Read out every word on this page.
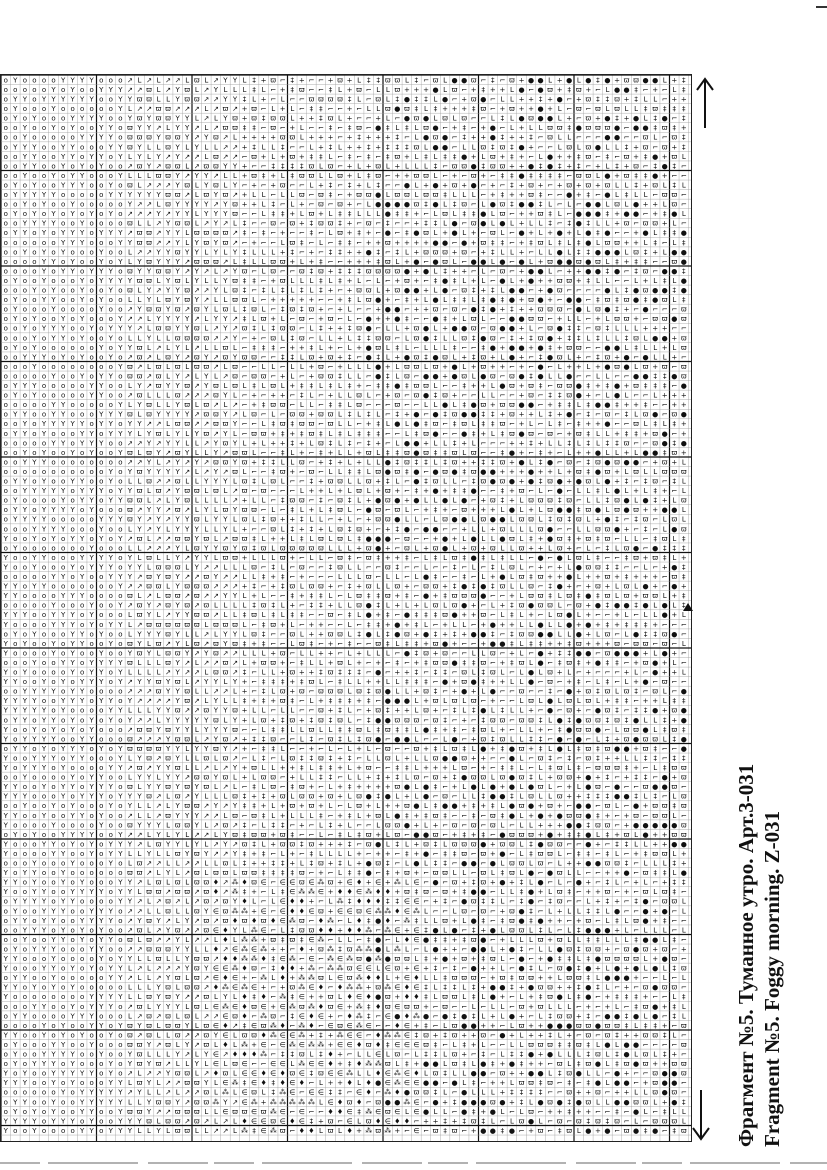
o Y o o o o Y Y Y Y o o o ↗ L ↗ L ↗ ↗ L ϖ L ↗ Y Y L ‡ + ϖ ⌐ ‡ + ⌐ ⌐ + ϖ + L ‡ ‡ ϖ ϖ L ‡ ⌐ ϖ L ● ● ϖ ⌐ ‡ ⌐ ϖ + ● ● L + ● L ● ‡ ● + ϖ ϖ ● ● L + ‡
o o o o o Y o Y o o Y Y Y ↗ ↗ ϖ L ↗ Y ϖ L ↗ Y L L L ‡ L ⌐ + ‡ ϖ ⌐ ⌐ ‡ L + ϖ ⌐ L L ϖ + + + ● L ϖ ⌐ + ‡ + + L ● ⌐ ● ϖ + ‡ ϖ + ⌐ L ● ● ‡ ⌐ + ⌐ L ‡
o Y Y o Y Y Y Y Y Y o o Y Y ϖ ϖ L L Y ϖ ϖ ↗ ↗ Y Y ‡ L + ⌐ L ⌐ ⌐ ϖ ϖ ϖ ϖ ‡ L ⌐ ϖ L ‡ ● ‡ ‡ L ● ⌐ + ϖ ● ⌐ L L + + ‡ + ● ⌐ + ϖ ‡ ‡ ϖ + ‡ L L ⌐ + +
o Y o o o Y o o o o o o Y L ↗ ↗ ϖ ϖ ↗ ↗ ↗ L ↗ ϖ ↗ + ϖ ⌐ L + L ⌐ ‡ ‡ ⌐ ⌐ + ⌐ L L ϖ ● ϖ ‡ L ‡ + + + ‡ ϖ ⌐ + ϖ + + ● + L ⌐ ϖ ⌐ ϖ L ϖ L L ‡ ϖ ‡ ‡ ‡
o Y o Y o o o Y Y Y Y o o Y ϖ Y ϖ ϖ Y Y L ↗ L Y ϖ + ϖ ‡ ϖ ϖ L + + ‡ ϖ L + ⌐ ⌐ + L ⌐ ● ϖ ● L ϖ L ϖ ⌐ ⌐ L ‡ L ● ϖ ● ● L + ⌐ ϖ + ● ‡ + ● L ‡ ● ⌐ ‡
o o Y o o Y o Y o o Y Y o ϖ Y Y ↗ L Y Y ↗ L ↗ ϖ ϖ ‡ ‡ ⌐ ϖ ⌐ + L ⌐ ⌐ ‡ ⌐ ‡ ϖ ⌐ ● ‡ L ‡ L ϖ ● ⌐ + ‡ ⌐ + ● ⌐ L + L L ϖ ϖ ‡ ● ϖ ϖ ϖ ● ⌐ ● ● ‡ ϖ ‡ +
o o Y o o o o o Y Y Y Y o ϖ ϖ ϖ Y ϖ ϖ Y ↗ Y ϖ ↗ L + + + + ϖ ϖ L + + + ⌐ + ‡ + + + ‡ ⌐ L ● ϖ ● ⌐ ‡ + + ● ‡ + + ‡ ⌐ ϖ L L ⌐ ⌐ ⌐ ● ● ⌐ ⌐ ϖ L ⌐ ϖ ‡
o Y Y Y o o Y Y o o o Y Y ϖ Y L L ϖ Y L Y L L ↗ ↗ + ‡ L L ‡ ⌐ ⌐ L + ‡ L + + ‡ + ‡ ‡ ‡ ϖ L ● ● ⌐ L L ϖ ‡ ϖ ‡ ● + ⌐ ⌐ L ϖ L ϖ ● L L ‡ + ϖ ⌐ ϖ + ‡
o o Y Y o o Y Y o Y Y o Y L Y L Y ↗ Y ↗ ↗ L ϖ ↗ ↗ ⌐ ϖ + L + ϖ + ‡ ‡ L ⌐ ‡ ⌐ ‡ ⌐ ‡ ϖ + L ‡ L ‡ ‡ ● + L ϖ + ‡ + ⌐ L ● + + ‡ ϖ ⌐ ‡ ⌐ ϖ + ‡ ● + ϖ L
o o Y Y o o Y o Y o Y o o ↗ ϖ Y ↗ ϖ ϖ L ↗ ϖ ϖ Y Y + ⌐ ⌐ ‡ ‡ ‡ ‡ ϖ L ϖ ⌐ + L + ϖ L + L L L ‡ ⌐ ϖ ϖ ● ‡ ϖ ϖ + + ● ‡ ● ‡ + ‡ ⌐ + L ‡ + ϖ ⌐ ‡ ● ‡ ⌐
o o Y o o Y o Y Y o o o Y L L L ϖ ϖ Y ↗ Y Y ↗ L L + ϖ ‡ + L ‡ ϖ ϖ L L ϖ + L ‡ ϖ ⌐ + + ϖ ϖ L ⌐ + ⌐ ϖ + ⌐ ‡ ‡ ● ‡ ‡ ‡ ‡ ⌐ ϖ ϖ L ● + ϖ ‡ ‡ ● + ⌐ ⌐
o Y o Y o o Y Y Y o o Y o ϖ L ↗ ↗ ↗ Y ϖ L Y ϖ L Y ⌐ + ⌐ + ϖ ⌐ ⌐ L + ‡ ⌐ ‡ + L ‡ ⌐ ⌐ ● L + ● + ϖ + ● ⌐ + ⌐ ‡ + ϖ + ⌐ + ϖ + ϖ + ϖ L L ‡ + ϖ L ‡ L
o Y Y Y Y Y o o o o o Y Y Y Y Y Y ϖ ϖ ↗ L ϖ Y ϖ ↗ + L L ⌐ L L ϖ ⌐ ϖ ‡ ⌐ + ϖ ϖ ● L ϖ ϖ L ϖ ϖ ‡ L L L ⌐ + ‡ + + ϖ ‡ ⌐ ⌐ ● + ‡ ⌐ ● L ‡ L L ⌐ ϖ ϖ ⌐
o o Y o Y o o Y o o o o o Y ↗ ↗ L ϖ Y Y Y Y ↗ Y ϖ + + L ‡ ⌐ L + ⌐ ϖ ⌐ ϖ + ⌐ L ● ● ● ● ϖ ‡ ● L ‡ ϖ ⌐ L ● ϖ ‡ ● ● ‡ L ⌐ L ⌐ ● ● L ϖ L ● + + L ϖ ⌐
o Y o Y o Y o Y o Y o Y o ↗ ↗ ↗ Y ↗ Y Y L Y Y Y ϖ ⌐ ⌐ L ‡ ‡ + L ϖ + L ‡ ‡ L L L ● ‡ ‡ + ⌐ L ϖ L ‡ ‡ ● L ϖ ⌐ + + ϖ ‡ L ⌐ ● ● ● ‡ + ● ● ⌐ + ‡ ● L
o o Y Y Y Y o o Y o o o o ϖ L L ↗ Y ϖ ϖ L ↗ Y ↗ L ‡ ⌐ ⌐ ϖ ⌐ ϖ + ‡ ϖ ϖ ‡ + ⌐ ϖ ⌐ ‡ ⌐ ⌐ + ‡ ‡ L ● ⌐ ϖ ● L ● L + L L ‡ ⌐ ‡ ● ‡ L L + ϖ ⌐ ϖ ϖ + L ⌐
o Y Y o Y o Y Y Y o Y Y Y ↗ ϖ ϖ ↗ Y Y L ϖ ϖ ϖ ϖ ↗ ‡ ⌐ ‡ ⌐ + ⌐ ⌐ ‡ ⌐ L ϖ + ‡ + ⌐ ● ⌐ ‡ ● ϖ L + ● L + ⌐ ϖ L ⌐ ● + L + ● + L ● ‡ ● ⌐ ⌐ + ● L ‡ ‡ ●
o o o o o o Y Y Y o o o Y Y ϖ ϖ ↗ ↗ Y L Y ϖ Y ϖ ↗ ⌐ + ⌐ ⌐ L ϖ ‡ ⌐ L ⌐ ‡ ‡ ⌐ + + ϖ + + + + ● ● ⌐ ● + ϖ ‡ ‡ ⌐ + ‡ ϖ L ‡ L ‡ ● L ϖ ϖ + + L ‡ ⌐ L ‡
o o Y o Y o Y o o o Y o o L ↗ ↗ Y Y ϖ Y Y L Y L Y ‡ L L L + ‡ ⌐ + ⌐ ‡ ‡ + + ● ‡ ⌐ ‡ L + ϖ ϖ ϖ + ϖ ⌐ + ‡ L L + ⌐ L L ● L ‡ ‡ ● ● ● L ϖ ‡ + L ● ●
o o o o Y Y o Y o o Y o Y L Y ϖ Y Y Y ↗ ϖ ϖ ϖ ↗ L ‡ L L ϖ ϖ + L + ‡ ⌐ ⌐ + + + ‡ ϖ L + ● ⌐ ● ϖ L ⌐ ● ● L ● ⌐ ● L + ϖ ● ● ϖ ● ϖ L ‡ + ‡ ‡ ⌐ ⌐ ϖ ●
o o o o Y o Y Y o Y Y Y o ϖ Y Y ϖ ϖ Y ↗ Y ↗ L ↗ Y ϖ ⌐ L ϖ ⌐ ⌐ ϖ ‡ ϖ + ‡ ‡ ‡ ϖ ϖ ϖ ϖ ● + ● L ‡ + + ⌐ L ⌐ ϖ ⌐ + ● ● L ⌐ + + ● ● ‡ ● ⌐ ‡ ϖ ⌐ ● ● ‡
o Y o o Y o o o Y o Y Y Y Y ϖ ϖ L Y ϖ L Y L L Y ϖ ‡ ‡ ⌐ + ϖ L L L ‡ L ‡ + L ⌐ L ⌐ + ϖ + ⌐ ‡ ● ‡ L + L ⌐ ● L + ● + + ϖ ϖ + ‡ L L ⌐ ⌐ L + L ‡ L ●
o o o Y o Y o o Y o o Y o ϖ L Y ↗ Y Y ϖ ↗ ↗ Y L ϖ ‡ ⌐ ‡ L ‡ L ‡ L ‡ + ⌐ + ϖ ϖ L + ϖ ● ● + L ● ⌐ ϖ ‡ + ‡ L ● ● ⌐ + ● ϖ ⌐ ⌐ ⌐ ⌐ ● L ‡ ● ϖ ● ● ‡ ●
o Y o o Y Y o o Y o Y o o L L Y L ϖ Y ϖ Y ↗ L L ϖ ϖ L ⌐ + + + + + ⌐ ⌐ + ‡ L ϖ ● + ⌐ ‡ + L ● L ‡ ‡ L ‡ ● ‡ ● + ϖ ● + ⌐ ● ● ⌐ ‡ ϖ ‡ ϖ ● ‡ ● ϖ L ‡
o Y o o o Y o o o o Y o o ↗ Y ϖ ϖ Y ϖ ↗ ϖ Y L ϖ L ‡ ϖ L ⌐ ‡ ϖ ‡ ϖ + ⌐ + L ⌐ ⌐ + ● ● ⌐ + + ϖ ⌐ ϖ ⌐ ● ‡ ● + ‡ + + ϖ ϖ ϖ ⌐ ● L ϖ ● ‡ + ⌐ ● ⌐ ⌐ ⌐ ϖ
o Y o Y o o Y o Y o o o Y ↗ ↗ L Y Y Y Y ↗ L Y Y ↗ ‡ L ϖ + L ⌐ ϖ ⌐ + ϖ ⌐ L ⌐ ● + + ● ‡ ⌐ ⌐ ● ‡ + L ϖ L ⌐ ⌐ ● ● ϖ ϖ ⌐ + L L ⌐ + L ϖ ϖ + ⌐ ϖ ϖ ● ϖ
o o Y o Y Y Y o o Y o Y Y Y ↗ L ϖ ϖ Y Y ϖ L ↗ Y ↗ ϖ ‡ L ‡ ϖ ϖ ⌐ L ‡ + + ‡ ϖ ● ⌐ L L + ϖ ● L + ● ● ϖ ⌐ ϖ ● ● + L ⌐ ϖ ● ‡ ‡ ⌐ ϖ ‡ L L L + + + ⌐ ⌐
o o o Y o Y Y o Y o o Y o L L Y L L ϖ ϖ ϖ ϖ ↗ ↗ Y ⌐ + ⌐ ϖ L ‡ ϖ ⌐ L L + L ‡ ‡ ϖ ϖ ⌐ L ϖ ● ‡ L L ϖ ‡ ● ϖ ⌐ ‡ + ‡ ϖ ● + ‡ ‡ L ‡ L L ‡ ϖ L ● ● + ϖ
o Y o Y o o o o o o Y o Y Y ϖ L ↗ L Y L ↗ L L ϖ L ⌐ ‡ ‡ ‡ ⌐ + + ‡ L + ⌐ L + ● ϖ L ‡ L ⌐ L L L ‡ ⌐ ⌐ ‡ ● + ● ● + ● ‡ + ϖ ϖ ⌐ ⌐ ● ● L ‡ L L + L ϖ
o o Y Y Y o Y o Y o o Y o ↗ ϖ ↗ L ϖ Y ↗ ϖ Y ↗ ϖ Y ϖ ϖ ⌐ ⌐ ‡ ‡ L ϖ + ϖ + ‡ ⌐ ● ‡ L + ● ϖ ‡ ● ϖ L + ‡ ϖ + L ● + ⌐ ‡ ● ϖ L + ⌐ ‡ ϖ + ● ⌐ ● L L + ⌐
o o o Y o o o o o o o o Y ϖ ↗ L ϖ L ϖ L ϖ ϖ ↗ L ϖ ⌐ ⌐ L L ⌐ L L + ϖ ⌐ + L L L ● + L ϖ ϖ L ϖ + ● L + ϖ + + ⌐ + ⌐ ● ⌐ L + + L + ● ϖ ● L ϖ + ϖ ⌐ ϖ
o o o o o Y o o Y o Y Y o ϖ ϖ ↗ ϖ L Y ↗ L Y L ↗ ϖ ⌐ ϖ ϖ ⌐ + L ⌐ + ϖ ϖ ‡ L L ⌐ ● ‡ L ϖ ⌐ ● ● + ● ϖ L ● ϖ ⌐ ϖ ● ‡ ● L L ● ⌐ ⌐ L L ⌐ ⌐ ● ● ‡ ‡ ● ϖ
o Y Y Y o o o o o Y Y o o L Y ↗ ϖ Y Y ϖ ↗ Y ϖ L ϖ L ‡ L ϖ L + ‡ ‡ L ‡ L ‡ + ⌐ ‡ ‡ ● ‡ ϖ ϖ L ⌐ ⌐ ‡ + + L ● ϖ + ϖ ‡ ⌐ ϖ ϖ ● ‡ + ‡ ● + ϖ ‡ ‡ ‡ ⌐ ●
o Y o Y o o o o o Y Y o o ↗ ϖ L L L ϖ ↗ ↗ ↗ ϖ Y L ⌐ + ⌐ + + ⌐ ‡ L ⌐ + L L ϖ L ⌐ + ϖ ⌐ ϖ ● ‡ ϖ + ⌐ ⌐ L L ⌐ ⌐ + ϖ ⌐ ‡ ‡ ϖ ● + ⌐ L ● L ⌐ ⌐ L + + +
o o o o o Y Y o o o o o Y L Y ϖ L L Y ϖ L ϖ ↗ L ↗ ⌐ + ‡ ϖ ϖ ⌐ L L ⌐ ‡ ‡ L ϖ ⌐ ⌐ ⌐ ϖ ⌐ ⌐ L L ● L ‡ ● ϖ + ϖ ϖ ● ● ⌐ + ‡ ‡ L ‡ ● ● ‡ + + ‡ ⌐ ⌐ + +
o Y Y o o Y Y o o o Y Y Y ϖ L ϖ Y Y Y Y ↗ ϖ ϖ Y ↗ L ϖ ⌐ L ⌐ ϖ ϖ + ϖ ϖ L ‡ L ‡ L ⌐ ‡ + ● ⌐ ● ‡ ϖ ● ● ‡ ‡ + ϖ + + L ‡ + ● ⌐ ‡ ⌐ ϖ ⌐ ‡ L ϖ ● ⌐ ϖ ●
o o Y o Y Y Y Y Y o Y Y o Y Y ↗ ↗ L ϖ ϖ ↗ ↗ ϖ ϖ Y ⌐ ⌐ L ‡ ϖ ‡ ϖ ϖ ⌐ ϖ L L ⌐ + ‡ L ● L ● ‡ ϖ ⌐ ‡ ϖ L ‡ ‡ ϖ ⌐ + L ⌐ L ‡ ⌐ ‡ + + ● ⌐ ⌐ ϖ L ‡ L ‡ +
o Y Y o Y o o o Y Y o Y Y Y L Y ϖ L Y L Y ϖ ↗ Y L ⌐ ϖ ϖ + ‡ + ‡ ϖ ‡ L ‡ L ‡ ‡ ‡ ⌐ ⌐ L ‡ ϖ ● ⌐ ⌐ ● ‡ + L ‡ ϖ ● ϖ ⌐ ϖ ⌐ + ϖ ‡ L L + ‡ ‡ + ϖ ● ⌐ +
o o o o o Y Y o Y Y Y o o ↗ ↗ Y ↗ Y Y L L ↗ Y ϖ Y L + L + + ‡ + L ϖ ‡ L ‡ ⌐ ‡ + ⌐ L ● ● + L L ‡ + L ⌐ ⌐ ⌐ + + ‡ + L L ‡ L ‡ L ‡ ‡ ϖ ⌐ ⌐ ϖ ● ‡ ●
o o Y o Y o o Y o Y o o Y ϖ L ϖ Y ↗ ϖ Y L L Y ↗ ϖ ϖ L ⌐ ⌐ ‡ L + ⌐ ‡ + L L + ϖ L ‡ ‡ ϖ ● ϖ ‡ ‡ ϖ L ϖ ⌐ ⌐ ‡ ● + ⌐ ‡ + ⌐ L + + ● L L + L ● ● ‡ ϖ +
o o Y Y Y o o o o o o o o ↗ ↗ Y L ↗ Y ↗ Y ↗ ϖ ϖ Y ϖ + ‡ ‡ L L ϖ ⌐ + ‡ + L + L L ● ‡ ϖ ‡ ‡ L ‡ ϖ + + ‡ ‡ ϖ + ● L ‡ ● ⌐ ϖ ⌐ ‡ ϖ ● ϖ ● ● ⌐ + ϖ + L
o o o o o o o o o o o Y o Y ϖ Y Y Y Y ↗ L ↗ Y ↗ ϖ L ⌐ ⌐ ‡ ϖ + ⌐ ϖ ⌐ L L ‡ ‡ L ϖ ● ϖ ‡ ● ⌐ ● ϖ ● ‡ ϖ ● ● + + + ● + + L + ϖ ‡ ● ϖ + L ϖ L L ϖ ϖ ϖ
o Y Y o Y o o Y Y o o Y o L L ϖ ↗ ↗ ϖ L L Y Y Y L ϖ ‡ L ϖ L ⌐ ⌐ ‡ + ϖ ϖ L L ϖ + ‡ L ⌐ ● ‡ ϖ L L ⌐ ‡ ϖ ● ϖ ● + ● ‡ ϖ ● + ● ϖ L ● + ‡ ⌐ ‡ ϖ ⌐ ‡ L
o o Y Y Y Y Y o Y Y Y o Y Y ϖ L ϖ ↗ Y ϖ ϖ L ϖ L ↗ ϖ ⌐ ϖ ⌐ ⌐ ⌐ L + + L + L ϖ L + ϖ + ⌐ ‡ + ● + ‡ ‡ ● ⌐ ⌐ ‡ + ϖ ⌐ L ⌐ ● ⌐ L L ‡ L ● L + L ‡ + ⌐ L
o Y o o o o Y o Y Y o Y Y ϖ ϖ L ↗ L Y ϖ L L L L ↗ + L L ⌐ ‡ ϖ ϖ ⌐ ‡ ⌐ ϖ ‡ L + ● ϖ ● + ● L L ● L ● ⌐ + ϖ ‡ + L ϖ ϖ ϖ ‡ ϖ ⌐ L L ‡ ϖ ● L ● ‡ + L ϖ
o Y Y o Y Y Y Y o Y o o o ϖ ↗ Y Y ↗ ϖ ↗ L Y L ϖ Y ϖ ϖ ⌐ L ⌐ ‡ L + L ‡ ϖ L ⌐ ● ϖ ⌐ ϖ L ⌐ + ‡ + ⌐ ϖ + + + L ● L + L ϖ ● ● ‡ ϖ ● L ϖ ● ϖ + + ● ● L
o Y Y Y Y o o o o o Y Y Y ϖ Y ↗ Y ↗ Y Y ϖ L Y Y L ϖ L ‡ ϖ + + ‡ L L ⌐ + L ⌐ + ϖ ϖ ● L L ⌐ L ϖ ● ● L ϖ ● ● L ϖ ϖ L ‡ ϖ ‡ ϖ L + ● ‡ ⌐ ‡ ϖ ⌐ L ϖ L
o o o Y Y Y Y o o o Y o o L Y ↗ Y L Y Y Y L L Y L + ⌐ ⌐ ϖ L ‡ + ‡ + L ϖ ‡ ϖ + ⌐ + ‡ ● ⌐ ● ● ⌐ ⌐ + L L + ϖ L L L ϖ ● ⌐ ⌐ L L ϖ ϖ ● + ⌐ ‡ ⌐ L ● ϖ
Y o o Y o Y o Y Y o Y o Y ↗ ϖ L ↗ ↗ ϖ ϖ Y ϖ L ↗ ϖ ϖ ‡ L + + L ‡ L ϖ L ϖ L ‡ ● ● ● ⌐ ϖ ⌐ ⌐ + ● + L ● L L ● ϖ L ‡ + ● ϖ ‡ + ϖ ‡ ϖ ⌐ L L ⌐ ‡ ϖ L ‡
o Y o o o o o o o Y o o o L L ↗ ↗ ↗ Y L ϖ Y Y ϖ Y ϖ ‡ ϖ L ϖ ϖ ϖ ϖ ϖ L L L + ϖ ● + ⌐ ϖ L + ϖ ● L + ϖ + ϖ L L ϖ + + L ϖ + ⌐ L ⌐ ‡ L ϖ ● ⌐ ● ‡ ‡ ‡
Y o o Y Y o o o Y Y Y Y o Y L ϖ L L Y ↗ Y Y L ϖ ϖ + L L L ϖ + ⌐ L L ⌐ ϖ ‡ ⌐ ϖ ‡ + + ‡ ⌐ L ‡ L ϖ ‡ ● ‡ L ‡ L L ⌐ ● ⌐ ● L ϖ L ‡ ⌐ ⌐ ‡ ϖ + ϖ ‡ L +
Y o o Y o o o Y o Y Y Y o Y Y L ϖ ϖ ϖ L Y ↗ ↗ L L L ϖ ⌐ ‡ L ⌐ ϖ ⌐ ⌐ ‡ ϖ L L ⌐ ⌐ ϖ ‡ ⌐ ⌐ L ⌐ ⌐ ‡ ⌐ L ⌐ ‡ L ϖ L ⌐ + ⌐ + L ● ϖ ϖ ‡ ‡ ⌐ ⌐ L ⌐ + ● ‡
o o o o o Y Y o Y o o Y Y Y ↗ ϖ Y ϖ Y ↗ ↗ ϖ Y ↗ ↗ L L ‡ + ‡ ⌐ + ⌐ ⌐ ⌐ L L L ϖ ⌐ L L ⌐ L ● ‡ ⌐ ⌐ ‡ ⌐ L + ● L ϖ ‡ ϖ + + ● L + + ϖ + ‡ + + + ⌐ ϖ ‡
Y Y o Y Y o o o o o o o Y ↗ ↗ ϖ ϖ L Y ϖ ϖ ϖ ↗ ↗ ↗ + ‡ ⌐ + ‡ ϖ L ϖ ϖ + ⌐ ‡ + ϖ L L ϖ + ⌐ ϖ ϖ + ‡ ● ‡ ● ‡ ϖ L L ϖ ⌐ ‡ ● + ⌐ + ϖ + L ϖ L ● + ⌐ ● +
Y Y o o o o Y Y Y o o o o ϖ L ↗ L ϖ ϖ ↗ ϖ ↗ ↗ Y Y L + L ⌐ ⌐ ‡ + ‡ ‡ L ⌐ L ϖ ‡ ‡ ϖ + ‡ ⌐ ● + ‡ ϖ ϖ ϖ ● ⌐ ⌐ + L ϖ ϖ ‡ L ϖ ‡ ● ‡ ϖ L ϖ + ϖ ϖ L + ‡
o o o o o Y o o o Y o o Y ↗ ϖ Y ↗ ϖ Y ϖ ↗ ϖ L L L L ‡ ϖ ‡ L + ⌐ ‡ ‡ + L L ϖ ● ‡ L + L + L ϖ L ϖ ● + ⌐ L + ‡ ϖ ● ϖ ϖ L ⌐ ϖ + ● ‡ ● ● ‡ ● L ● L ‡
Y Y Y o o Y Y Y o Y o o o L ϖ Y L ↗ Y Y ϖ ϖ ↗ L L ‡ ϖ L ‡ L ‡ ‡ ⌐ ⌐ ϖ ⌐ ‡ L ● + ‡ ⌐ ● ‡ ‡ ‡ ϖ ● + + ϖ ⌐ L ‡ L + ⌐ L ϖ ● L + ⌐ ⌐ + L ⌐ L L ● + L
Y o o o o Y Y Y o Y o Y Y L ↗ ϖ ϖ ϖ ϖ ϖ ϖ L ϖ ϖ ϖ L ⌐ ‡ ϖ + L ⌐ + + ⌐ ⌐ L ⌐ ‡ ‡ + ● + ‡ L ⌐ + L L ⌐ + ● + + L L ● L L ● + ● + ‡ + ‡ ‡ ‡ + ⌐ ⌐ ⌐
o Y o Y o o o Y Y o Y o o L Y Y Y ϖ Y L L ↗ L Y Y L ϖ ‡ ⌐ ⌐ ϖ L + + ϖ ϖ L ‡ ● L ‡ ● ϖ + ● ‡ + ‡ + ● ● ‡ ⌐ ‡ ϖ ϖ ● ● L L ● + L ϖ ⌐ L ● ‡ ‡ ϖ ● ⌐
Y o Y o o Y o Y Y o o Y o ϖ Y L ϖ ↗ Y L ϖ ↗ ϖ Y ϖ ‡ + ‡ ⌐ ⌐ L ϖ ‡ ⌐ + ⌐ ‡ ⌐ ⌐ ϖ ‡ L ‡ ‡ + ϖ ● + ⌐ ⌐ + ● ● ‡ L ‡ ‡ + + ‡ ϖ + + + ϖ ⌐ ϖ ϖ ⌐ ϖ ⌐ L
Y o o o o Y o Y o o Y o o Y ϖ Y L ϖ ϖ Y ↗ Y ϖ ↗ ↗ L L L + ϖ ⌐ L L + + ⌐ L + L L L ⌐ ● ‡ ϖ + ϖ ⌐ ⌐ L L ϖ ⌐ + L ⌐ ● + ‡ ‡ ● ● ⌐ ϖ ● ● ● + L ● + ⌐
o o o Y o o Y Y o Y Y Y Y ϖ L L L ϖ Y ↗ L ↗ ↗ ϖ ↗ L + ϖ ϖ + ⌐ ‡ L L + ϖ L + ⌐ + ⌐ ‡ ⌐ + ‡ ϖ ϖ ● ‡ ‡ ϖ ⌐ + ‡ ϖ L ● ⌐ ‡ ϖ ‡ + ● ‡ ‡ ⌐ + ϖ ● + L ⌐
Y o Y o o o o Y o Y Y o Y L L L L ↗ Y ↗ ↗ L ϖ ϖ ↗ ‡ ⌐ L L + ϖ + + ‡ ϖ ‡ ‡ ‡ ⌐ ● ⌐ + + ‡ ⌐ ‡ ‡ ⌐ ϖ L ‡ ϖ L ⌐ L ● L ϖ + L ⌐ + ⌐ ⌐ ⌐ + L ⌐ ● + + L
Y Y o o Y o Y o Y Y Y o Y ↗ Y Y ϖ Y ϖ L ↗ Y Y L Y + ⌐ ‡ ‡ ‡ + ‡ ϖ L ⌐ ‡ L L + + L L ‡ ‡ ‡ ⌐ ● + ϖ ● ‡ + + L L ● ⌐ ϖ ⌐ + ‡ ⌐ L ‡ ⌐ L + ● ⌐ ϖ ⌐ ⌐
o o Y Y Y Y o Y Y o o o o ↗ ↗ ↗ ϖ Y Y ϖ L L ↗ ↗ L + ⌐ ‡ L ϖ + ϖ ⌐ ϖ ϖ ϖ L ϖ ‡ ϖ ● L L + ϖ ‡ ⌐ + ● + L ● ⌐ ⌐ ϖ ⌐ ⌐ ‡ ⌐ ● + ϖ ‡ ϖ L ϖ ‡ ⌐ ϖ L ⌐ ●
Y Y Y Y o o Y Y Y o Y Y o Y ↗ ↗ ↗ ↗ Y ϖ ↗ L Y L L ‡ + ‡ + ϖ ‡ ⌐ L + ‡ ‡ ‡ + ‡ ⌐ ● ● ● L + ϖ L ϖ L ϖ ⌐ + ⌐ ⌐ L ϖ L ● L ϖ L ϖ L + ‡ ‡ ⌐ + + L ‡ ‡
Y Y Y Y Y o Y o o o o Y Y L L L Y Y ϖ ↗ ↗ ϖ Y Y ϖ + L L ⌐ L L ⌐ ⌐ ϖ + ‡ L ⌐ + ϖ ‡ + + L ϖ + ⌐ ‡ L ‡ ● L ‡ L L + ⌐ ● ⌐ ϖ + ⌐ ● ϖ ‡ ⌐ ‡ ‡ ● + ϖ ●
o Y Y o Y Y o Y o Y o Y o Y ↗ ↗ L Y Y Y Y Y ϖ L Y + L ϖ + ‡ ϖ + ‡ ϖ ‡ ϖ L ⌐ ‡ ● ● ϖ ϖ ϖ ⌐ ϖ ‡ ⌐ + ⌐ ‡ ϖ ϖ ⌐ ϖ ϖ ‡ L ● ‡ ● ϖ ϖ ‡ ϖ ‡ ● L L ‡ + ●
Y o o Y o Y o Y o Y o o o ↗ ϖ ϖ Y ϖ Y Y L Y Y Y ϖ ⌐ ⌐ L ‡ ‡ L L ϖ L L ‡ ‡ ϖ L ‡ ϖ ‡ ‡ L ● ‡ + ‡ ⌐ ‡ ϖ L + ⌐ L L + ⌐ ‡ ● ϖ ϖ ● ⌐ L ϖ ϖ ● L ‡ ϖ ‡
Y o Y Y Y Y o o Y Y o o o ϖ ↗ ↗ ↗ Y ϖ ϖ L ↗ Y ϖ ↗ + ‡ ‡ ϖ ⌐ ⌐ L ‡ ⌐ ϖ ‡ L ‡ ϖ ● ⌐ ● ● L ⌐ ⌐ L ● ⌐ + ϖ ‡ ϖ L L ‡ ‡ ⌐ ● ⌐ ● ⌐ L ‡ + ϖ ● ϖ ϖ L ‡ ●
o Y Y o Y o Y Y Y o Y o Y ϖ ϖ ϖ ϖ Y Y L Y Y ϖ Y ↗ + ⌐ ‡ ‡ L ⌐ ⌐ + ⌐ L ⌐ L + L ⌐ ϖ ⌐ ⌐ ϖ + ‡ L ϖ ‡ L ● + ‡ ● ϖ + ‡ L ● L ‡ ϖ ‡ ϖ ● ● + ϖ ‡ ⌐ ⌐ ●
Y o o Y Y Y o Y Y o o o Y L Y ϖ ↗ ϖ Y L L ϖ L ϖ ↗ ⌐ L ‡ ⌐ L ϖ ‡ ‡ ϖ ‡ + ‡ ⌐ L L ϖ L + L L ϖ ● ● ϖ + + ⌐ ⌐ ● L ⌐ ϖ ‡ ⌐ ‡ ⌐ ϖ ‡ + + L L ‡ ‡ ⌐ ‡ ‡
Y o Y Y Y o Y o o o o Y Y ↗ ϖ ↗ Y Y ϖ L L ↗ L ↗ Y + ϖ L L + + ‡ L ‡ ‡ + L + ϖ ⌐ ⌐ ‡ ‡ L + + + L ϖ ⌐ + ⌐ ‡ ‡ L ⌐ L ‡ ϖ L ‡ ⌐ ϖ ϖ ϖ ‡ + ⌐ L ‡ ϖ ϖ
o o Y o o o o Y o Y Y o o L Y Y L Y Y ↗ ϖ ϖ Y ϖ L + L ϖ ϖ ⌐ + L L ‡ ‡ ⌐ L L + ‡ + ‡ L ϖ ⌐ ϖ + ‡ ● ϖ ϖ L ϖ ● ϖ ‡ L + ϖ ϖ + ● + ‡ ⌐ + ‡ ‡ ⌐ ● + ϖ
Y Y o o Y o Y Y o Y Y Y o ϖ L Y Y ϖ Y ϖ Y ϖ L ↗ L ⌐ ‡ L ϖ ⌐ ‡ ϖ + ⌐ L + ‡ + + + + ϖ ● L ● ‡ ⌐ + L ● L ● + ● L ● ϖ L ⌐ + L ● ϖ ⌐ ● ⌐ ⌐ ϖ ● ● ϖ ⌐
Y Y Y o o o Y o Y Y Y o Y Y Y ϖ ↗ L ϖ ↗ Y L L L ϖ ‡ + ‡ + ϖ L ϖ ϖ + ϖ + L ϖ ● ‡ ● L + L ● ⌐ ϖ ⌐ L L ‡ ● ● ‡ L ϖ L L ϖ + + ‡ ‡ ‡ ● ● ‡ L ‡ ⌐ L ϖ
o o Y o o Y o Y o o o Y o Y L L ↗ L Y ϖ ϖ ↗ Y ↗ Y ‡ ‡ + L + ϖ + ϖ + L ⌐ L ϖ + L + + ϖ ● L ‡ ● ● + ‡ + ‡ L ● ϖ ● + ϖ + ⌐ ● ● ⌐ ϖ L ⌐ ● + ϖ ϖ ‡ ϖ
Y Y o o Y o o Y Y o Y o o ↗ L L ↗ ϖ Y Y Y ↗ ↗ L ϖ ⌐ ϖ ‡ L + L L L ‡ ⌐ + ‡ L + ϖ L ● ‡ + ‡ ϖ ‡ ⌐ ⌐ ‡ ⌐ ϖ ‡ ● L + ● + ● ϖ ϖ ● ‡ + ⌐ + ϖ ⌐ ϖ ϖ L ⌐
Y o o o o Y o o o o Y o o ϖ Y Y Y L ϖ ϖ Y L ↗ ϖ ↗ ‡ ⌐ L ‡ ‡ ⌐ + ⌐ L ‡ + L ⌐ ⌐ L ϖ ϖ ● + L + ⌐ ϖ ⌐ ϖ ⌐ ϖ L ⌐ L L + + + ● ● ‡ ϖ ϖ ⌐ + ● ● ● ● ● ϖ
o Y o Y o o Y Y Y Y o o Y ↗ ↗ L Y L Y L ↗ ↗ L Y ϖ ‡ ϖ ϖ + ϖ ‡ ⌐ ⌐ L ⌐ ‡ L ‡ ϖ + L ϖ ⌐ ● ● ϖ ⌐ + ‡ + ‡ ⌐ ● ϖ ϖ ϖ + ● + ‡ ‡ ● L ‡ + ϖ L ● + + ϖ ϖ
Y o o o Y Y o Y o Y o Y Y Y ↗ L ϖ Y Y L Y L ↗ Y ↗ ϖ ‡ L + ϖ ϖ ‡ ϖ + + + ‡ ⌐ ϖ ● L ‡ L + ϖ ‡ L ϖ ϖ ϖ ● + ϖ ϖ L ‡ ● ϖ ϖ ⌐ ⌐ ● + ⌐ ‡ ‡ L L + + ● ●
Y o o o o Y Y o o Y o Y Y L L Y L L ϖ Y ϖ Y ↗ ↗ Y ‡ + ‡ ⌐ L + ⌐ ‡ L L L L + ⌐ + + ⌐ ‡ + ● ⌐ ‡ ‡ ϖ ⌐ ϖ + ● ⌐ L ‡ ϖ ϖ L ⌐ ‡ ‡ ⌐ ‡ L ⌐ + ‡ ϖ ϖ L +
o o o Y o o o Y o o o Y o L ϖ ↗ ↗ L L ↗ ↗ L L ϖ L ‡ + + ‡ ‡ + L ‡ ϖ + ‡ L + ● ϖ ‡ ⌐ L ● L ‡ ‡ ⌐ ● ● ⌐ ● L ϖ ϖ L ϖ ⌐ L + + ● ● ϖ ϖ ‡ ⌐ L L L ‡ +
Y o Y Y o o Y o o o o o o ϖ ϖ ↗ L Y L ↗ ϖ L ϖ ϖ L ϖ ϖ ‡ ‡ ‡ ‡ ϖ ⌐ + ⌐ L ‡ ‡ ● ⌐ ‡ + ϖ + ⌐ ϖ ϖ L L ⌐ ϖ L ‡ ϖ L ● ⌐ ● ϖ L L ⌐ ⌐ + + ● ⌐ ϖ ‡ ‡ L ●
Y Y o Y o o Y o Y o o o Y Y ↗ L ϖ L ϖ L ϖ ϖ ♦ ↗ ⁂ ♦ ϖ ∈ ⌐ ∈ ∈ ϖ ∈ ⁂ ϖ + ∈ ♦ + ∈ + ⁂ L ∈ ⌐ ● ⌐ ϖ + ‡ ϖ + ● + ‡ L ● ⌐ L ⌐ ● + ⌐ ‡ L ⌐ + L ⌐ + ‡ ‡
Y o o Y Y o o Y Y Y Y o Y Y L ϖ ϖ ↗ ϖ ϖ ↗ ϖ ♦ ↗ ⁂ ‡ + ⌐ L ‡ ∈ ⁂ ⁂ ∈ + ♦ ♦ ∈ ⁂ ♦ ♦ + ϖ ‡ ϖ ⌐ ϖ + ‡ ● ● ⌐ L L ‡ ● + L ϖ ‡ ⌐ + + ϖ ⌐ + ⌐ ϖ L ϖ ‡ ⌐
o Y Y Y Y o Y Y o o o o Y Y ↗ L ↗ ϖ ↗ L ↗ ϖ ↗ ϖ Y ♦ L ⌐ L ∈ ♦ ♦ + ⌐ L ⁂ ‡ ♦ ♦ ♦ ‡ ‡ ∈ ∈ ⌐ + ‡ ⌐ ● ϖ ‡ ‡ L ⌐ ‡ ● ⌐ ‡ ϖ ⌐ ⌐ L + ‡ + ⌐ ‡ ● ⌐ ϖ ϖ L
o Y o o Y Y Y o o Y Y Y o ↗ ↗ L L ϖ L L ϖ Y ∈ ϖ ⁂ ⁂ + ∈ ⌐ ∈ ♦ ♦ ∈ ϖ + ∈ ∈ ϖ ∈ ⁂ ⁂ ♦ ∈ ⁂ L ⌐ ⌐ L ϖ ⌐ ϖ ⌐ + ϖ ● ‡ ⌐ L + L L ‡ ‡ L ● ⌐ ⌐ ● + ● ⌐ L
o Y Y o Y Y o o Y Y Y Y o ↗ Y ϖ Y ↗ L Y ↗ ϖ ↗ ϖ ♦ ϖ ♦ ϖ ♦ ∈ ⁂ ϖ ⌐ ♦ ⁂ ⌐ L ♦ ‡ ● ♦ ⌐ ⁂ ‡ L L ϖ + L ● ‡ ⌐ ‡ ϖ ● ‡ ● + + ⌐ + ϖ ⌐ L ‡ L ϖ ● + ‡ ⌐ ⌐
o o Y Y Y o Y o Y o Y o o ↗ ϖ L ↗ Y ϖ ↗ ↗ ϖ ∈ ♦ Y L ⁂ ∈ ⌐ L ‡ ϖ ϖ ♦ ♦ + ♦ ♦ ⁂ ⌐ ⁂ ∈ + ∈ ‡ ● L ● ⌐ ‡ + ● L ϖ ϖ L ‡ L ⌐ L ‡ ● ● ● + L ⌐ L L L ⌐ L
o o Y o o Y Y o Y o Y Y o ϖ L ϖ ↗ ↗ Y L ↗ ↗ L ♦ L ⁂ ⁂ + ϖ ‡ ϖ ‡ ∈ ⁂ ⌐ L L ⌐ ‡ ● ⌐ L ♦ ∈ ● ‡ ‡ + ‡ ϖ ● ⌐ + L L L ϖ + ϖ L L ‡ ‡ L L L ‡ ● ● L ‡ ⌐
o Y o Y Y Y o o o Y Y o o ↗ ↗ ϖ ϖ ϖ Y Y L L ♦ ↗ ∈ ⁂ ∈ ⁂ + + ⌐ ♦ + ϖ ⁂ ‡ ϖ ⁂ ⁂ ● L ⁂ L ⌐ L ● + + ⌐ ● ● L + ● ‡ ⌐ L L ● ϖ ‡ ϖ ϖ + ⌐ ϖ ● ϖ + ϖ ⌐ +
Y Y o o o Y o o o o Y o Y Y L L ϖ L L Y ϖ ϖ ↗ ♦ ♦ ⁂ ⁂ ♦ ‡ ∈ ⁂ ⌐ ∈ ⌐ ⁂ ∈ ⁂ ϖ ● ⁂ ● ϖ ϖ L ‡ + ● + ϖ + ‡ ϖ L ⌐ ● ⌐ + ● ‡ ‡ L ‡ ● ϖ ϖ ϖ ϖ L + ● ϖ ⌐
Y o o o Y Y o Y o Y o Y Y L ↗ L ↗ ↗ ↗ Y ϖ Y ∈ ∈ ⁂ ♦ ϖ ⌐ ‡ ♦ ♦ + ⁂ ⌐ ⁂ ⁂ ϖ ∈ ∈ L ∈ ϖ + ∈ + ‡ ⌐ ‡ ⌐ ● + + L ⌐ ● ‡ L ⌐ ϖ ● ‡ ● + L ● + ● L ● L ‡ ϖ
o Y Y o o Y o o o o o Y Y ↗ L L ↗ Y ϖ L ϖ ↗ ∈ ♦ ∈ + ⌐ ⁂ L ♦ + ⁂ ⁂ ϖ L ∈ ϖ ⁂ ♦ ♦ L + ∈ ♦ L L ‡ ϖ ϖ ϖ ⌐ + ϖ ‡ ϖ ϖ + + L ϖ ϖ ‡ L ● ● ● + ⌐ ⌐ L ⌐ L
Y Y o Y o Y o Y o o o o o L L L Y ϖ L ϖ ϖ ↗ ♦ ⁂ ∈ ⁂ ∈ + ⌐ + ϖ ⁂ ∈ ♦ ⌐ ♦ ⁂ ⁂ + ϖ ⁂ ∈ ♦ ∈ ‡ L ‡ ‡ L ‡ + ● ● ‡ + ● ϖ ϖ + + ‡ ● ‡ L ⌐ + ⌐ ϖ ● ϖ ϖ ⌐
Y o o o o o o o o Y Y Y Y L L ϖ Y ϖ Y ↗ ↗ ϖ L Y L ♦ ‡ ♦ ⌐ ⁂ ‡ ∈ + + ϖ L ♦ ∈ ♦ ● ϖ + ♦ ♦ ‡ L ϖ ϖ L ‡ L ● + ⌐ L + ‡ ϖ ● L ‡ ● ⌐ + ‡ ‡ ‡ + ⌐ ⌐ L ‡
o o o Y Y o o Y o Y Y Y o ↗ ϖ L Y Y Y L ϖ L ∈ ⁂ ∈ ♦ ϖ ∈ + ∈ ⁂ ϖ ⁂ ♦ ϖ ∈ + ⁂ ‡ ♦ ϖ ∈ ϖ ϖ + ⌐ ϖ ⌐ ⌐ L ⌐ L L ⌐ ϖ + ϖ L L L ⌐ + ⌐ + L ⌐ ‡ ϖ ● + ‡ L
o Y Y o o o o Y Y Y o o o L ↗ ϖ ↗ ϖ L ϖ L ↗ ↗ ∈ ϖ ♦ ⌐ ⁂ ϖ ⌐ ‡ ∈ ♦ ∈ + ⌐ ♦ ⁂ ‡ ⌐ ∈ ● ♦ ⁂ ● ⌐ ● ‡ ● ‡ L + L ● + ⌐ L ‡ ϖ ϖ + ‡ ⌐ ● ● ‡ ● L ● ⌐ ‡ L
o o o o Y o Y o o Y Y o Y ϖ Y ϖ L ϖ ϖ Y L ϖ ∈ ♦ ↗ ‡ ∈ ϖ ⁂ ♦ ⌐ ⁂ ♦ ⌐ ∈ ϖ ∈ ⁂ ∈ ⌐ ⌐ ♦ ∈ + ‡ ⌐ L ϖ ● ● + + ⌐ L ϖ + + ● ● ● ϖ ϖ ● ϖ ϖ ‡ L ‡ ‡ + ⌐ ϖ
Y Y o o Y o Y o Y o o Y o ϖ ↗ ϖ L L ϖ ↗ ↗ ϖ Y ∈ L ϖ ϖ ♦ ⁂ ∈ ∈ ⁂ + ‡ + ⁂ ∈ ∈ ⌐ ♦ ⁂ ⁂ ∈ ‡ ϖ + ‡ ϖ + + ϖ ⌐ ● + L + + ‡ L + ⌐ ϖ ⌐ ϖ ‡ + + ϖ ϖ ‡ L ⌐
o Y o o o Y Y o o Y o o o ϖ ϖ Y ↗ ϖ L Y ↗ ϖ L ♦ L ⁂ + ∈ ⌐ ∈ ⁂ ∈ ⁂ ⁂ + ∈ ∈ ♦ ϖ ♦ ‡ ∈ ∈ ∈ ϖ ‡ ⌐ L ‡ + L ⌐ ⌐ L L ϖ ϖ ϖ ‡ ‡ ϖ ‡ L ● L ● ● ⌐ ⌐ ⌐ ⌐ ϖ
o Y o o Y Y Y Y o o Y o o Y ϖ L L L Y ↗ L Y ∈ ↗ ♦ ♦ ♦ ⁂ ⌐ ‡ ‡ ϖ L ‡ ♦ + ⌐ L L ∈ L ϖ ⌐ L ‡ ‡ L ϖ + ⌐ ‡ ⌐ L ‡ ‡ ● + ● L L L ‡ ϖ L ‡ ● L ϖ L ‡ + ⌐
o Y o Y Y Y o Y o o o Y o Y ϖ Y ϖ ↗ L L Y L ∈ L ϖ ∈ ⌐ ⌐ ∈ ∈ L ⁂ ∈ ∈ ♦ + ‡ ♦ ⁂ ⁂ ϖ L ‡ + ● ● L ϖ ‡ L ● ‡ + ● ‡ + + ⌐ ϖ L ‡ ϖ ● L ‡ ϖ ● ϖ + + ϖ ϖ
Y o Y o o Y Y Y Y Y o Y o ↗ L ↗ ↗ Y ϖ ϖ L ↗ ♦ ϖ L ∈ ∈ ♦ ∈ ♦ ϖ ∈ ‡ ϖ ∈ ∈ ⁂ L L ♦ ∈ ⁂ ∈ ♦ L ϖ ‡ L L ● ● ⌐ ϖ + + ● ● L ‡ ϖ ● L L ⌐ ● + ⌐ ⌐ ϖ ● ● ϖ
Y Y Y o o Y o Y o o o Y Y L ϖ Y L ↗ ↗ ϖ ϖ Y L ∈ ⁂ ‡ ∈ ♦ ‡ ♦ ∈ ♦ ⌐ L + + ♦ L ♦ ● ∈ ⁂ ∈ ∈ ● ● ⌐ ● L ‡ ⌐ + + L ϖ ϖ ‡ ϖ ⌐ ‡ ⌐ ‡ ● L ● ● ⌐ + ϖ ● ● ⌐
o o o o o o Y o Y Y Y Y Y ↗ Y L L ↗ L ↗ ↗ ϖ L ⁂ L ∈ ϖ L ‡ ⁂ ∈ ⌐ ∈ ∈ ‡ ‡ ⌐ ∈ ♦ ⌐ ⁂ ♦ ● ϖ ϖ ‡ L ⌐ ● L L L + ‡ ‡ ‡ ‡ ⌐ ⌐ ϖ + + ϖ ⌐ + + L L ϖ ● ϖ ⌐
o Y Y o o Y o o Y Y Y Y Y L L Y ϖ ϖ Y ↗ ϖ ϖ ⁂ Y ↗ ∈ ⁂ + ⁂ ⁂ ⁂ ⁂ ⁂ L ∈ ♦ ϖ ♦ ⌐ ϖ ● ● ⁂ ∈ ⌐ ● + ‡ ● ● ● ϖ ● + ‡ L ● ϖ ● ‡ ● ϖ L L ● ● ϖ ϖ L + ● ‡
o Y o Y o Y o o Y Y o o Y ϖ ϖ Y ↗ ↗ ϖ ϖ ϖ L L ∈ ϖ ϖ ∈ ϖ ⁂ ∈ ⌐ ∈ ⌐ ⌐ ♦ ♦ ∈ ‡ ⁂ ∈ ϖ ∈ L ∈ ● L L ⌐ ● ‡ + ● L ⌐ L ϖ ⌐ + + ‡ + + ⌐ ⌐ ‡ ⌐ ● L ⌐ ‡ L L
Y Y Y Y o Y Y Y o Y o o Y Y Y ϖ L ϖ ϖ ↗ ϖ ↗ L ↗ L ♦ ∈ ∈ ϖ ∈ ♦ ∈ ‡ + ϖ ⌐ ∈ L ϖ ♦ ∈ ♦ ♦ ⌐ + + ‡ + ‡ ϖ ‡ L ⌐ L ϖ ● L ⌐ ϖ ⌐ ϖ ‡ ϖ ‡ ϖ ⌐ L ⌐ ϖ ϖ ϖ L
Y o o Y o o o o Y Y o Y Y Y L L Y L ϖ ϖ L L ↗ ↗ L ⁂ ‡ ∈ ⁂ ϖ ⌐ ♦ ♦ L ϖ L ♦ + ⁂ ϖ ⁂ + ⌐ ∈ ⌐ ϖ ‡ ϖ ⌐ + ● ● ‡ ● ⌐ + ϖ ⌐ ‡ ϖ L ● + ● ⌐ ϖ ● ‡ ● ⌐ ‡ ϖ Фрагмент №5. Туманное утро. Арт.3-031 Fragment №5. Foggy morning. Z-031
